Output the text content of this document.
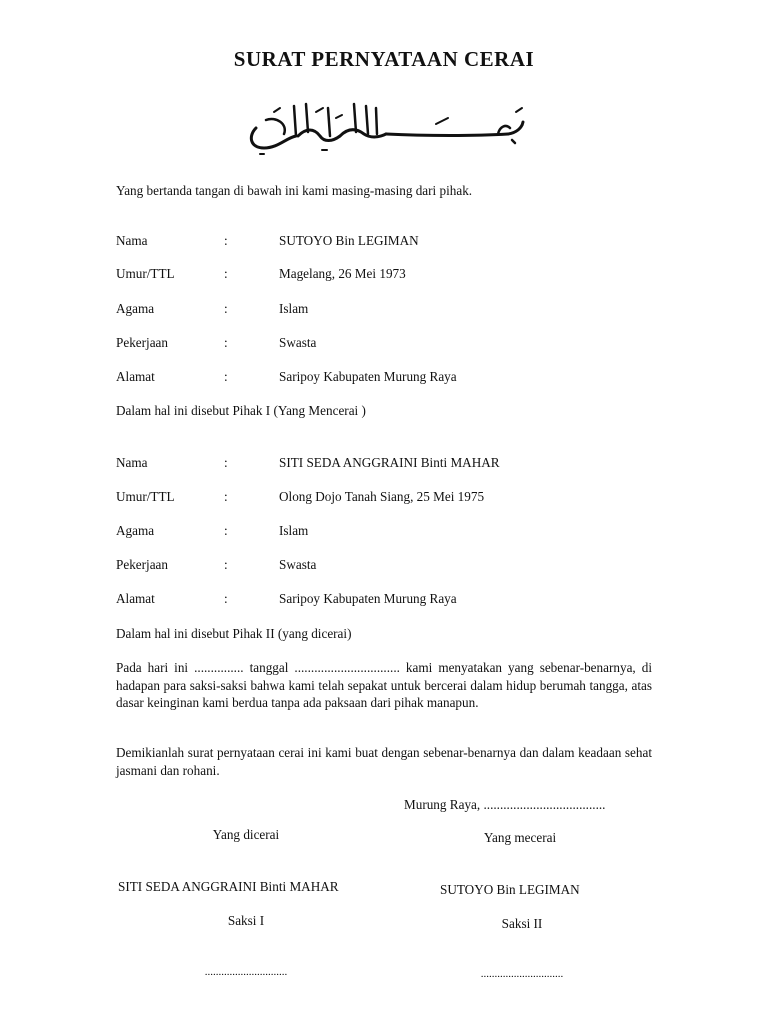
SURAT PERNYATAAN CERAI
Yang bertanda tangan di bawah ini kami masing-masing dari pihak.
Nama	:	SUTOYO Bin LEGIMAN
Umur/TTL	:	Magelang, 26 Mei 1973
Agama	:	Islam
Pekerjaan	:	Swasta
Alamat	:	Saripoy Kabupaten Murung Raya
Dalam hal ini disebut Pihak I (Yang Mencerai )
Nama	:	SITI SEDA ANGGRAINI Binti MAHAR
Umur/TTL	:	Olong Dojo Tanah Siang, 25 Mei 1975
Agama	:	Islam
Pekerjaan	:	Swasta
Alamat	:	Saripoy Kabupaten Murung Raya
Dalam hal ini disebut Pihak II (yang dicerai)
Pada hari ini ............... tanggal ................................ kami menyatakan yang sebenar-benarnya, di hadapan para saksi-saksi bahwa kami telah sepakat untuk bercerai dalam hidup berumah tangga, atas dasar keinginan kami berdua tanpa ada paksaan dari pihak manapun.
Demikianlah surat pernyataan cerai ini kami buat dengan sebenar-benarnya dan dalam keadaan sehat jasmani dan rohani.
Murung Raya, .....................................
Yang dicerai	Yang mecerai
SITI SEDA ANGGRAINI Binti MAHAR	SUTOYO Bin LEGIMAN
Saksi I	Saksi II
..............................	..............................
